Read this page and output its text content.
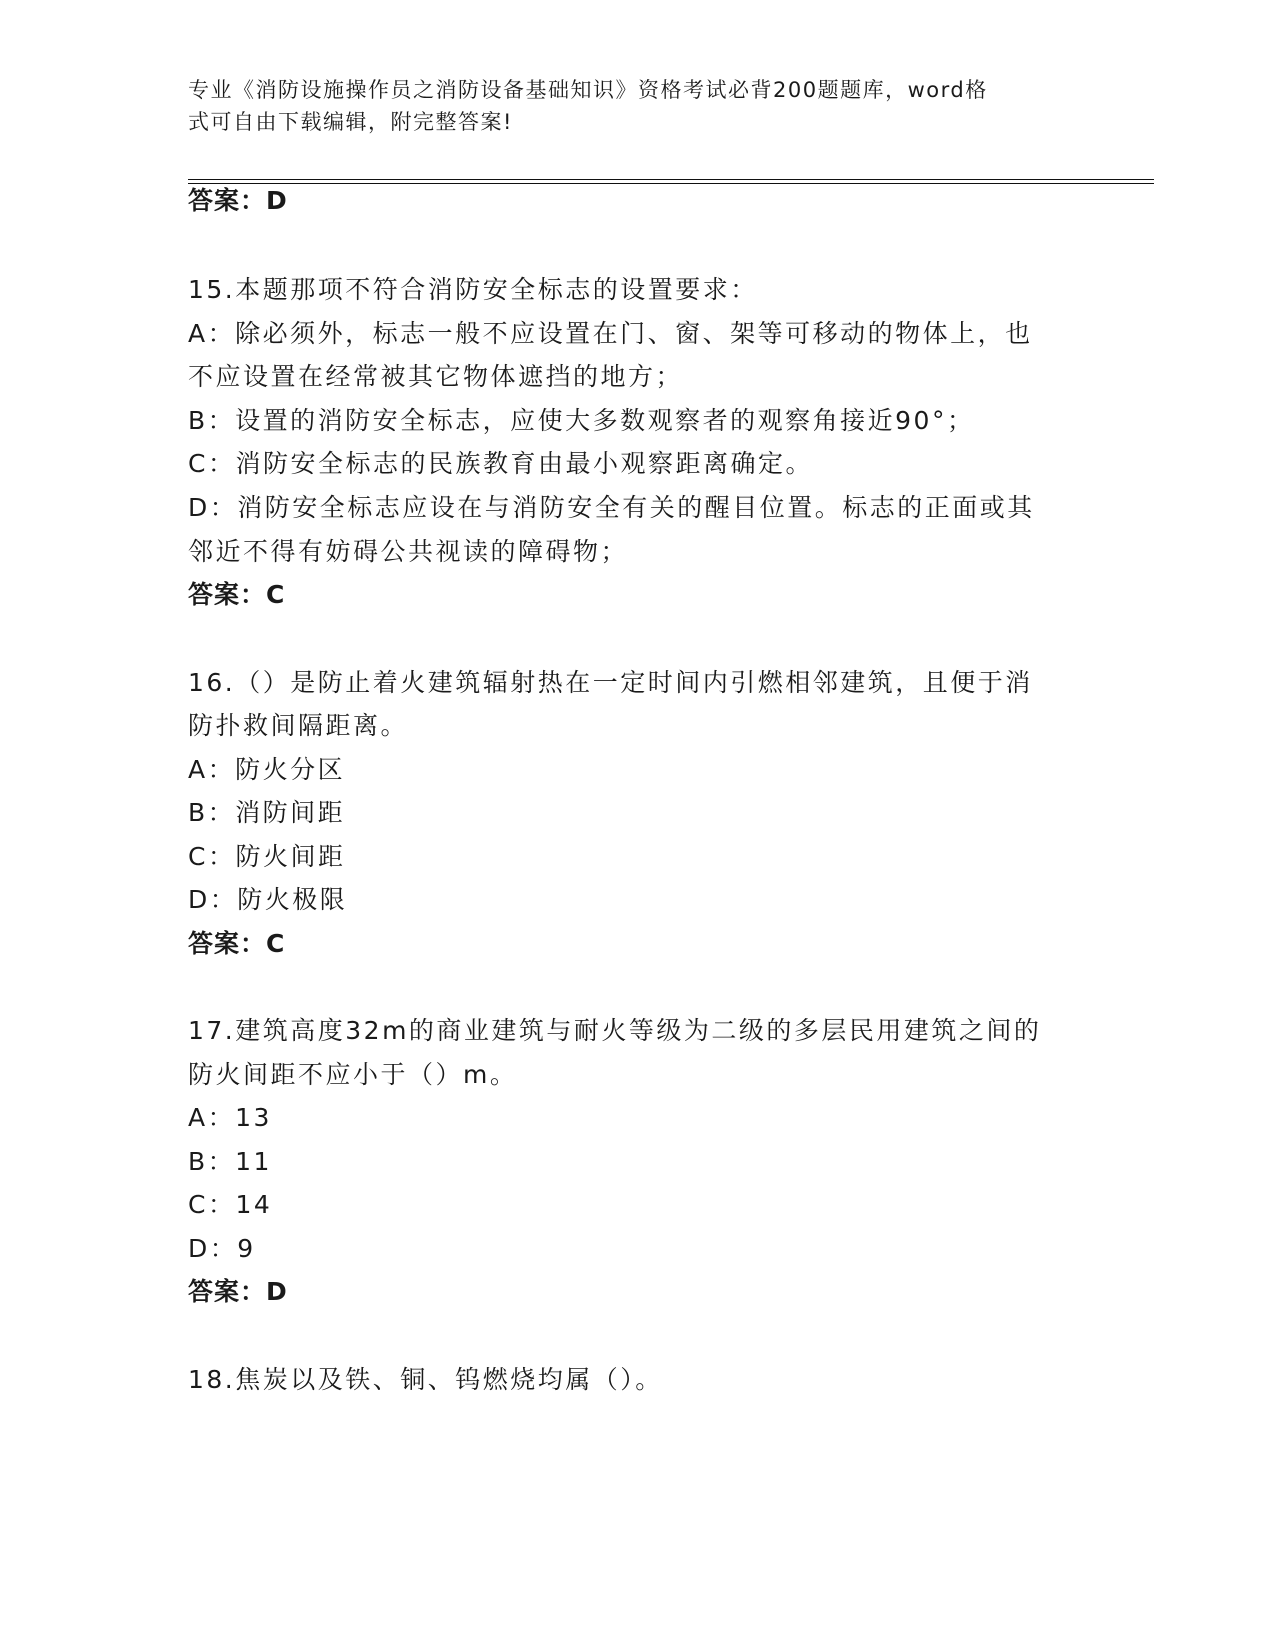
专业《消防设施操作员之消防设备基础知识》资格考试必背200题题库，word格
式可自由下载编辑，附完整答案!
答案：D
15.本题那项不符合消防安全标志的设置要求：
A：除必须外，标志一般不应设置在门、窗、架等可移动的物体上，也
不应设置在经常被其它物体遮挡的地方；
B：设置的消防安全标志，应使大多数观察者的观察角接近90°；
C：消防安全标志的民族教育由最小观察距离确定。
D：消防安全标志应设在与消防安全有关的醒目位置。标志的正面或其
邻近不得有妨碍公共视读的障碍物；
答案：C
16.（）是防止着火建筑辐射热在一定时间内引燃相邻建筑，且便于消
防扑救间隔距离。
A：防火分区
B：消防间距
C：防火间距
D：防火极限
答案：C
17.建筑高度32m的商业建筑与耐火等级为二级的多层民用建筑之间的
防火间距不应小于（）m。
A：13
B：11
C：14
D：9
答案：D
18.焦炭以及铁、铜、钨燃烧均属（）。
